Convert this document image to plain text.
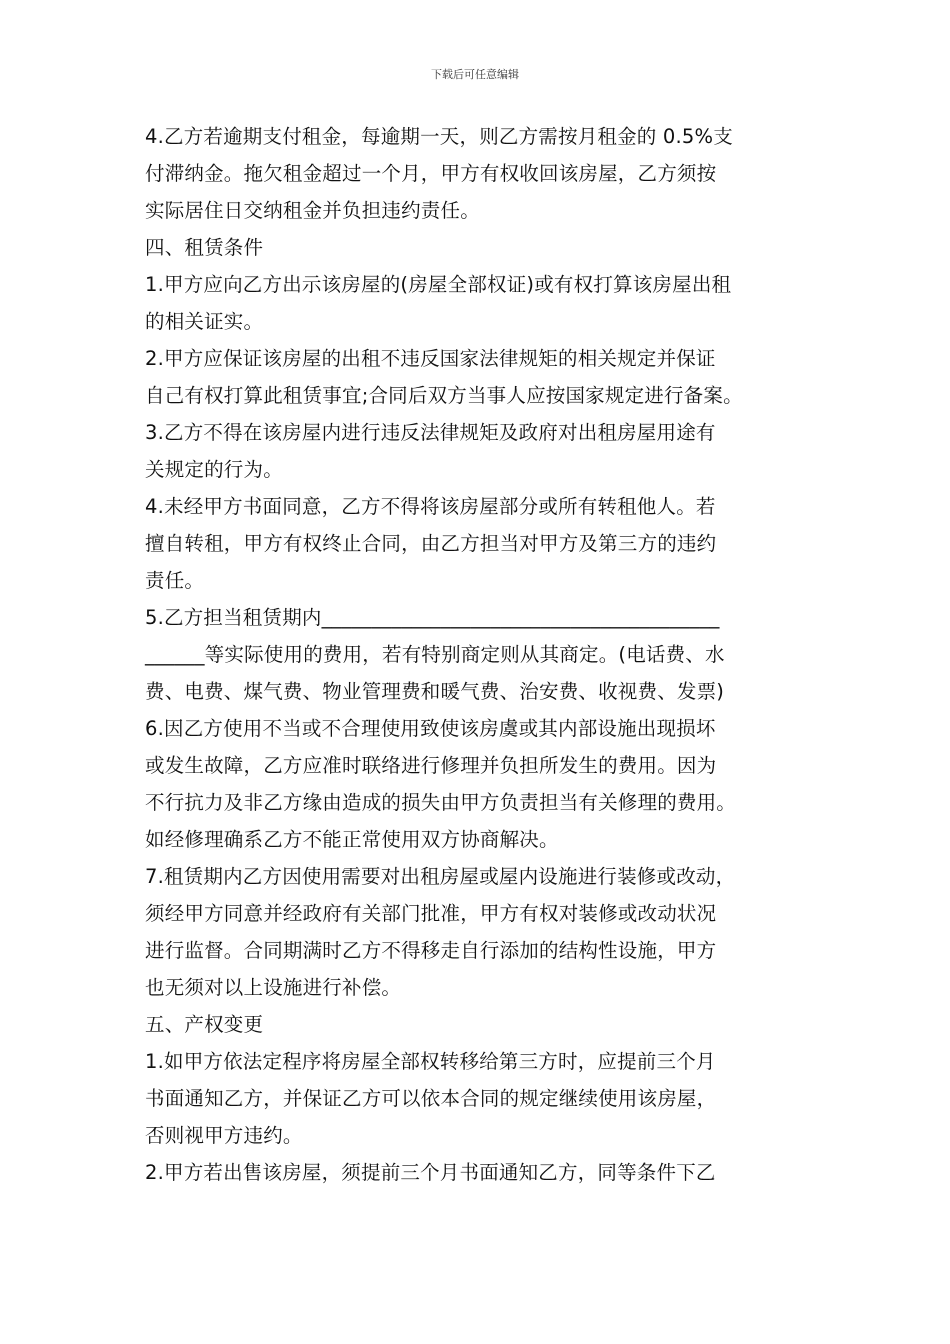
下载后可任意编辑
4.乙方若逾期支付租金，每逾期一天，则乙方需按月租金的 0.5%支
付滞纳金。拖欠租金超过一个月，甲方有权收回该房屋，乙方须按
实际居住日交纳租金并负担违约责任。
四、租赁条件
1.甲方应向乙方出示该房屋的(房屋全部权证)或有权打算该房屋出租
的相关证实。
2.甲方应保证该房屋的出租不违反国家法律规矩的相关规定并保证
自己有权打算此租赁事宜;合同后双方当事人应按国家规定进行备案。
3.乙方不得在该房屋内进行违反法律规矩及政府对出租房屋用途有
关规定的行为。
4.未经甲方书面同意，乙方不得将该房屋部分或所有转租他人。若
擅自转租，甲方有权终止合同，由乙方担当对甲方及第三方的违约
责任。
5.乙方担当租赁期内________________________________________
______等实际使用的费用，若有特别商定则从其商定。(电话费、水
费、电费、煤气费、物业管理费和暖气费、治安费、收视费、发票)
6.因乙方使用不当或不合理使用致使该房虞或其内部设施出现损坏
或发生故障，乙方应准时联络进行修理并负担所发生的费用。因为
不行抗力及非乙方缘由造成的损失由甲方负责担当有关修理的费用。
如经修理确系乙方不能正常使用双方协商解决。
7.租赁期内乙方因使用需要对出租房屋或屋内设施进行装修或改动，
须经甲方同意并经政府有关部门批准，甲方有权对装修或改动状况
进行监督。合同期满时乙方不得移走自行添加的结构性设施，甲方
也无须对以上设施进行补偿。
五、产权变更
1.如甲方依法定程序将房屋全部权转移给第三方时，应提前三个月
书面通知乙方，并保证乙方可以依本合同的规定继续使用该房屋，
否则视甲方违约。
2.甲方若出售该房屋，须提前三个月书面通知乙方，同等条件下乙
